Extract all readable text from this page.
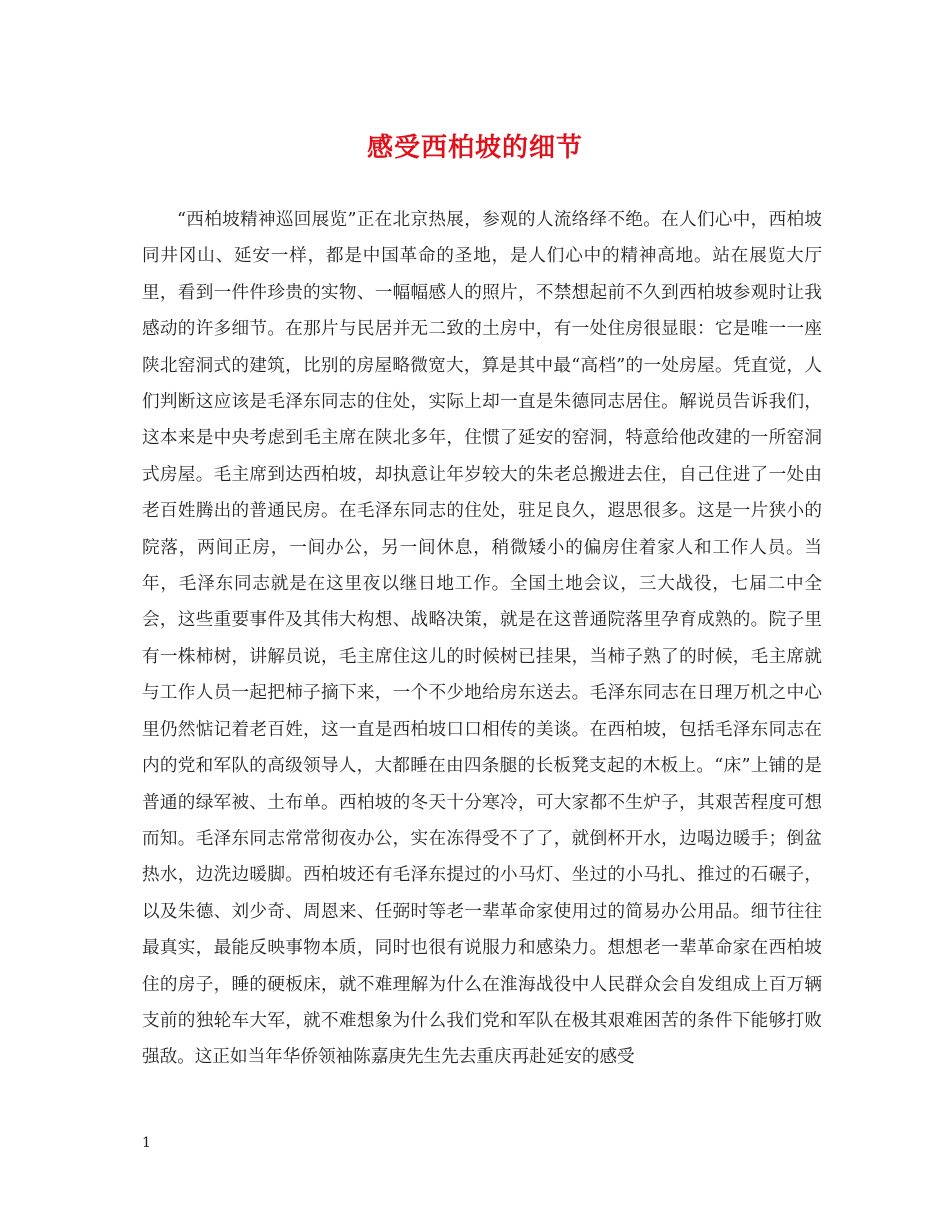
感受西柏坡的细节

“西柏坡精神巡回展览”正在北京热展，参观的人流络绎不绝。在人们心中，西柏坡同井冈山、延安一样，都是中国革命的圣地，是人们心中的精神高地。站在展览大厅里，看到一件件珍贵的实物、一幅幅感人的照片，不禁想起前不久到西柏坡参观时让我感动的许多细节。在那片与民居并无二致的土房中，有一处住房很显眼：它是唯一一座陕北窑洞式的建筑，比别的房屋略微宽大，算是其中最“高档”的一处房屋。凭直觉，人们判断这应该是毛泽东同志的住处，实际上却一直是朱德同志居住。解说员告诉我们，这本来是中央考虑到毛主席在陕北多年，住惯了延安的窑洞，特意给他改建的一所窑洞式房屋。毛主席到达西柏坡，却执意让年岁较大的朱老总搬进去住，自己住进了一处由老百姓腾出的普通民房。在毛泽东同志的住处，驻足良久，遐思很多。这是一片狭小的院落，两间正房，一间办公，另一间休息，稍微矮小的偏房住着家人和工作人员。当年，毛泽东同志就是在这里夜以继日地工作。全国土地会议，三大战役，七届二中全会，这些重要事件及其伟大构想、战略决策，就是在这普通院落里孕育成熟的。院子里有一株柿树，讲解员说，毛主席住这儿的时候树已挂果，当柿子熟了的时候，毛主席就与工作人员一起把柿子摘下来，一个不少地给房东送去。毛泽东同志在日理万机之中心里仍然惦记着老百姓，这一直是西柏坡口口相传的美谈。在西柏坡，包括毛泽东同志在内的党和军队的高级领导人，大都睡在由四条腿的长板凳支起的木板上。“床”上铺的是普通的绿军被、土布单。西柏坡的冬天十分寒冷，可大家都不生炉子，其艰苦程度可想而知。毛泽东同志常常彻夜办公，实在冻得受不了了，就倒杯开水，边喝边暖手；倒盆热水，边洗边暖脚。西柏坡还有毛泽东提过的小马灯、坐过的小马扎、推过的石碾子，以及朱德、刘少奇、周恩来、任弼时等老一辈革命家使用过的简易办公用品。细节往往最真实，最能反映事物本质，同时也很有说服力和感染力。想想老一辈革命家在西柏坡住的房子，睡的硬板床，就不难理解为什么在淮海战役中人民群众会自发组成上百万辆支前的独轮车大军，就不难想象为什么我们党和军队在极其艰难困苦的条件下能够打败强敌。这正如当年华侨领袖陈嘉庚先生先去重庆再赴延安的感受

1
